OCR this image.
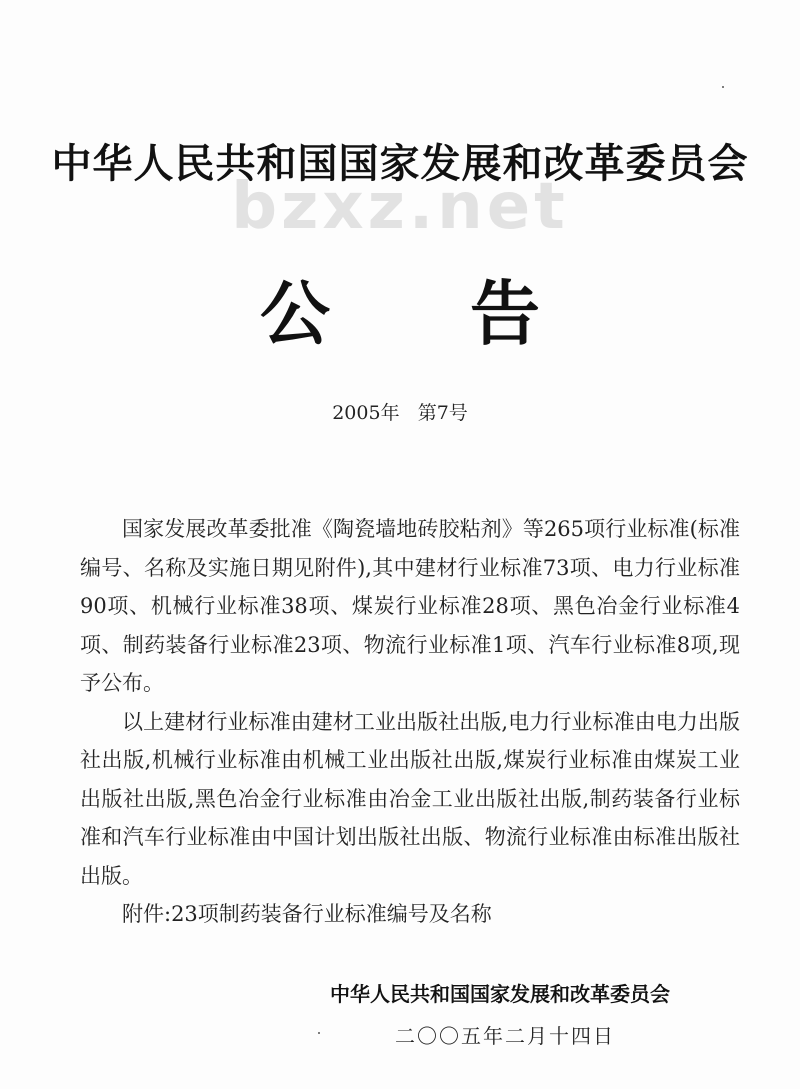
bzxz.net
中华人民共和国国家发展和改革委员会
公 告
2005年   第7号

国家发展改革委批准《陶瓷墙地砖胶粘剂》等265项行业标准(标准编号、名称及实施日期见附件),其中建材行业标准73项、电力行业标准90项、机械行业标准38项、煤炭行业标准28项、黑色冶金行业标准4项、制药装备行业标准23项、物流行业标准1项、汽车行业标准8项,现予公布。

以上建材行业标准由建材工业出版社出版,电力行业标准由电力出版社出版,机械行业标准由机械工业出版社出版,煤炭行业标准由煤炭工业出版社出版,黑色冶金行业标准由冶金工业出版社出版,制药装备行业标准和汽车行业标准由中国计划出版社出版、物流行业标准由标准出版社出版。

附件:23项制药装备行业标准编号及名称

中华人民共和国国家发展和改革委员会
二〇〇五年二月十四日
